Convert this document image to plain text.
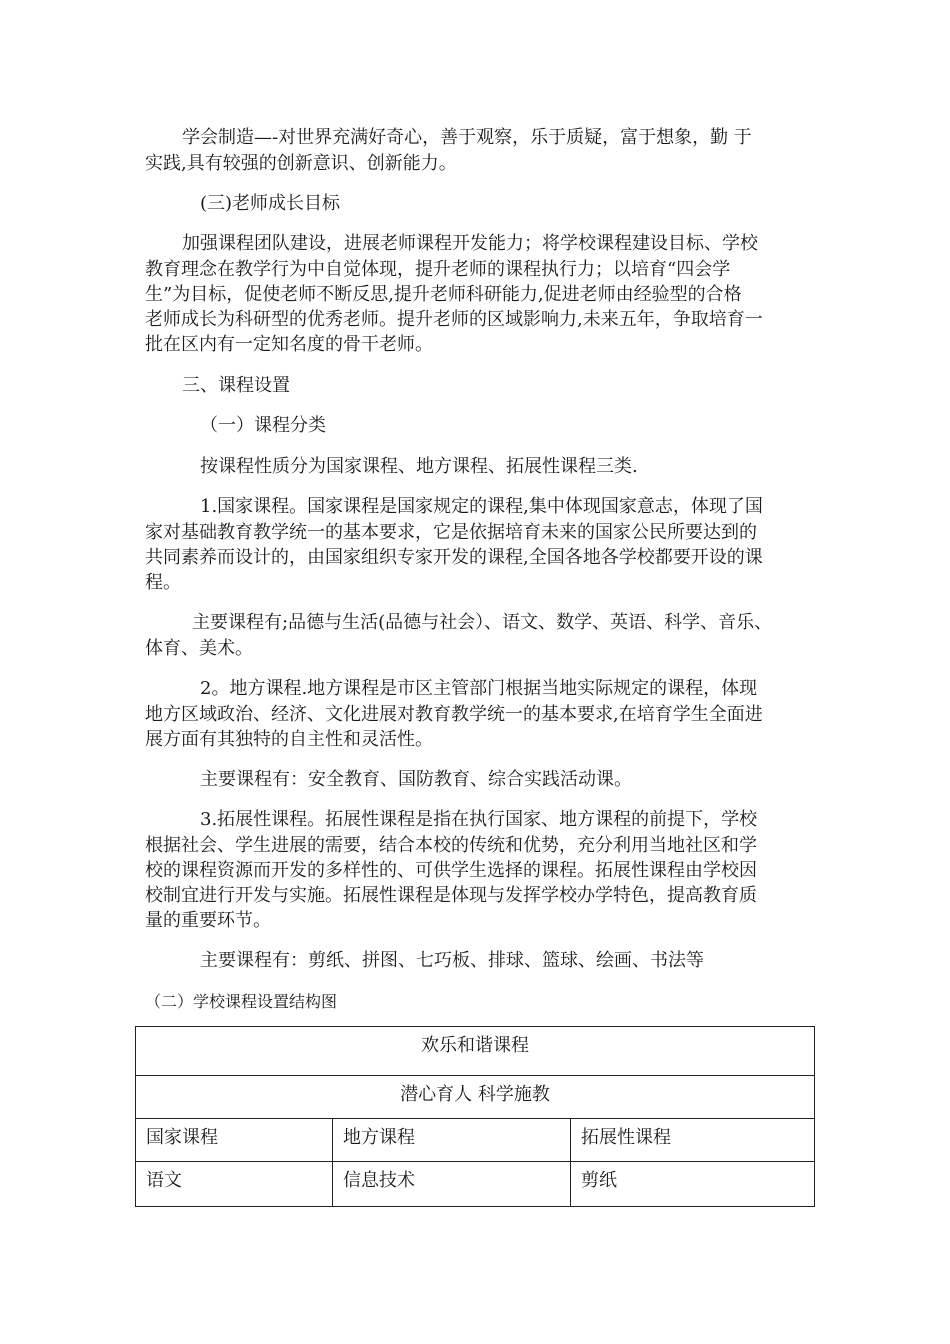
学会制造—-对世界充满好奇心，善于观察，乐于质疑，富于想象，勤 于
实践,具有较强的创新意识、创新能力。
(三)老师成长目标
加强课程团队建设，进展老师课程开发能力；将学校课程建设目标、学校
教育理念在教学行为中自觉体现，提升老师的课程执行力；以培育“四会学
生”为目标，促使老师不断反思,提升老师科研能力,促进老师由经验型的合格
老师成长为科研型的优秀老师。提升老师的区域影响力,未来五年，争取培育一
批在区内有一定知名度的骨干老师。
三、课程设置
（一）课程分类
按课程性质分为国家课程、地方课程、拓展性课程三类.
1.国家课程。国家课程是国家规定的课程,集中体现国家意志，体现了国
家对基础教育教学统一的基本要求，它是依据培育未来的国家公民所要达到的
共同素养而设计的，由国家组织专家开发的课程,全国各地各学校都要开设的课
程。
主要课程有;品德与生活(品德与社会）、语文、数学、英语、科学、音乐、
体育、美术。
2。地方课程.地方课程是市区主管部门根据当地实际规定的课程，体现
地方区域政治、经济、文化进展对教育教学统一的基本要求,在培育学生全面进
展方面有其独特的自主性和灵活性。
主要课程有：安全教育、国防教育、综合实践活动课。
3.拓展性课程。拓展性课程是指在执行国家、地方课程的前提下，学校
根据社会、学生进展的需要，结合本校的传统和优势，充分利用当地社区和学
校的课程资源而开发的多样性的、可供学生选择的课程。拓展性课程由学校因
校制宜进行开发与实施。拓展性课程是体现与发挥学校办学特色，提高教育质
量的重要环节。
主要课程有：剪纸、拼图、七巧板、排球、篮球、绘画、书法等
（二）学校课程设置结构图
欢乐和谐课程		
潜心育人 科学施教		
国家课程	地方课程	拓展性课程
语文	信息技术	剪纸
